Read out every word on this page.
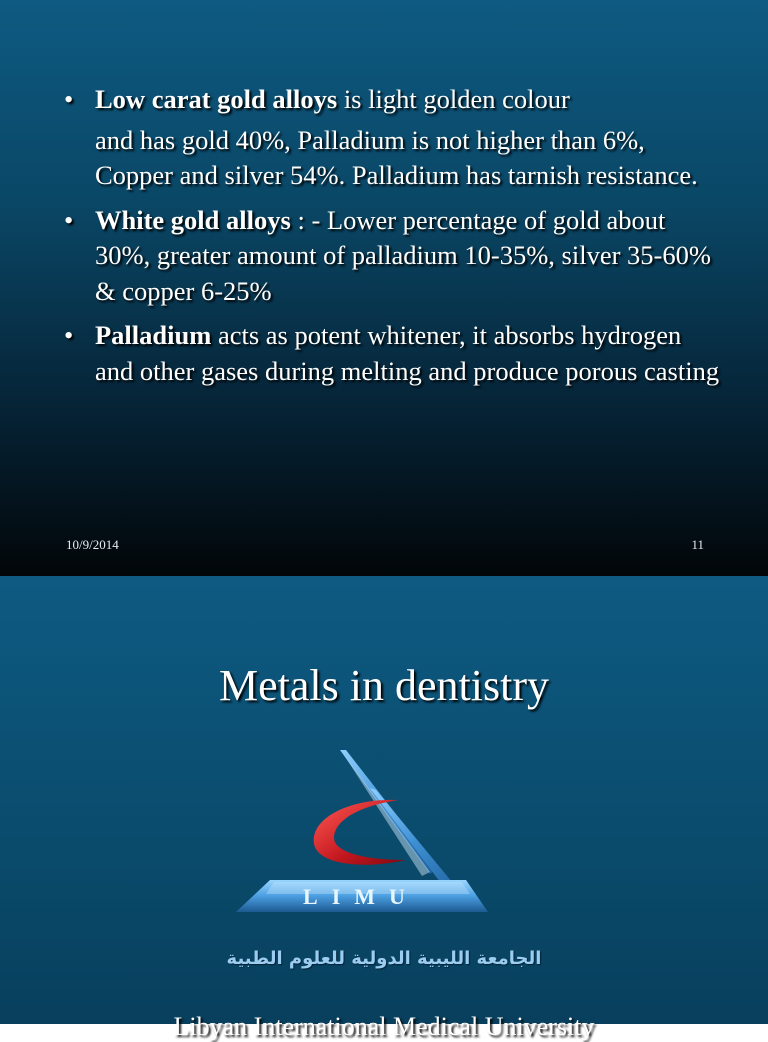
• Low carat gold alloys is light golden colour
and has gold 40%, Palladium is not higher than 6%, Copper and silver 54%. Palladium has tarnish resistance.
• White gold alloys : - Lower percentage of gold about 30%, greater amount of palladium 10-35%, silver 35-60% & copper 6-25%
• Palladium acts as potent whitener, it absorbs hydrogen and other gases during melting and produce porous casting
10/9/2014	11
Metals in dentistry
LIMU
الجامعة الليبية الدولية للعلوم الطبية
Libyan International Medical University
